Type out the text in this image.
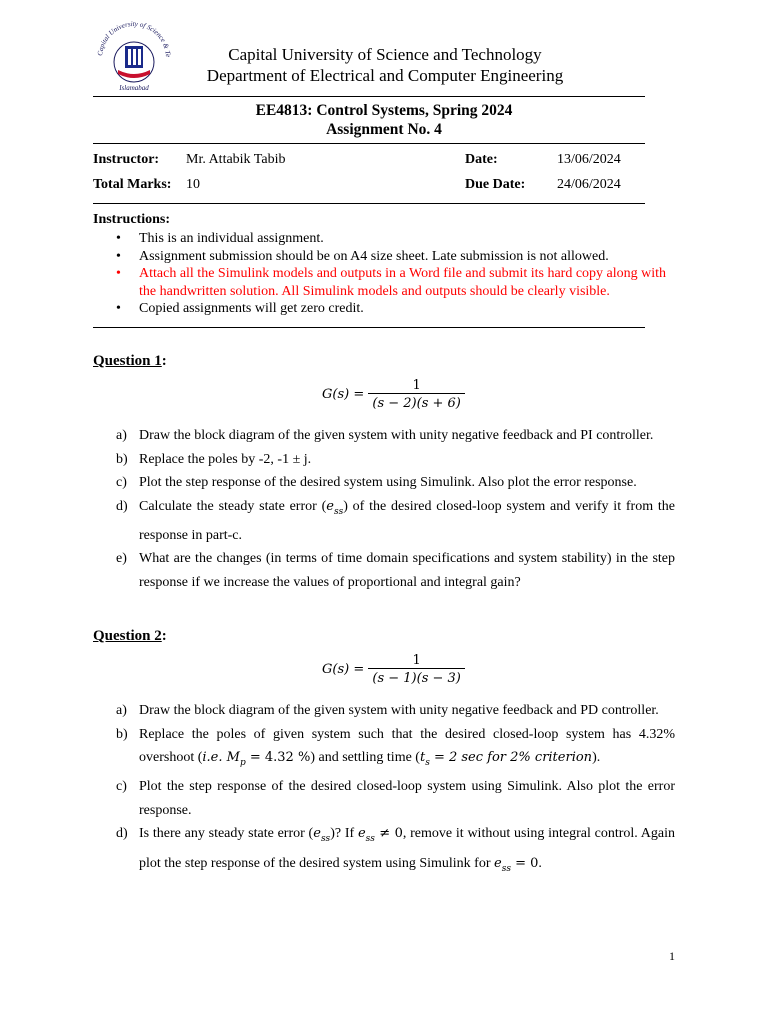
Capital University of Science & Te
Islamabad
Capital University of Science and Technology
Department of Electrical and Computer Engineering
EE4813: Control Systems, Spring 2024
Assignment No. 4
Instructor: Mr. Attabik Tabib	Date:	13/06/2024
Total Marks: 10	Due Date: 24/06/2024
Instructions:
• This is an individual assignment.
• Assignment submission should be on A4 size sheet. Late submission is not allowed.
• Attach all the Simulink models and outputs in a Word file and submit its hard copy along with the handwritten solution. All Simulink models and outputs should be clearly visible.
• Copied assignments will get zero credit.
Question 1:
$G(s) = \frac{1}{(s - 2)(s + 6)}$
a) Draw the block diagram of the given system with unity negative feedback and PI controller.
b) Replace the poles by -2, -1 ± j.
c) Plot the step response of the desired system using Simulink. Also plot the error response.
d) Calculate the steady state error $(e_{ss})$ of the desired closed-loop system and verify it from the response in part-c.
e) What are the changes (in terms of time domain specifications and system stability) in the step response if we increase the values of proportional and integral gain?
Question 2:
$G(s) = \frac{1}{(s - 1)(s - 3)}$
a) Draw the block diagram of the given system with unity negative feedback and PD controller.
b) Replace the poles of given system such that the desired closed-loop system has 4.32% overshoot (i.e. $M_p = 4.32$ %) and settling time ($t_s = 2$ sec for 2% criterion).
c) Plot the step response of the desired closed-loop system using Simulink. Also plot the error response.
d) Is there any steady state error $(e_{ss})$? If $e_{ss} \ne 0$, remove it without using integral control. Again plot the step response of the desired system using Simulink for $e_{ss} = 0$.
1
